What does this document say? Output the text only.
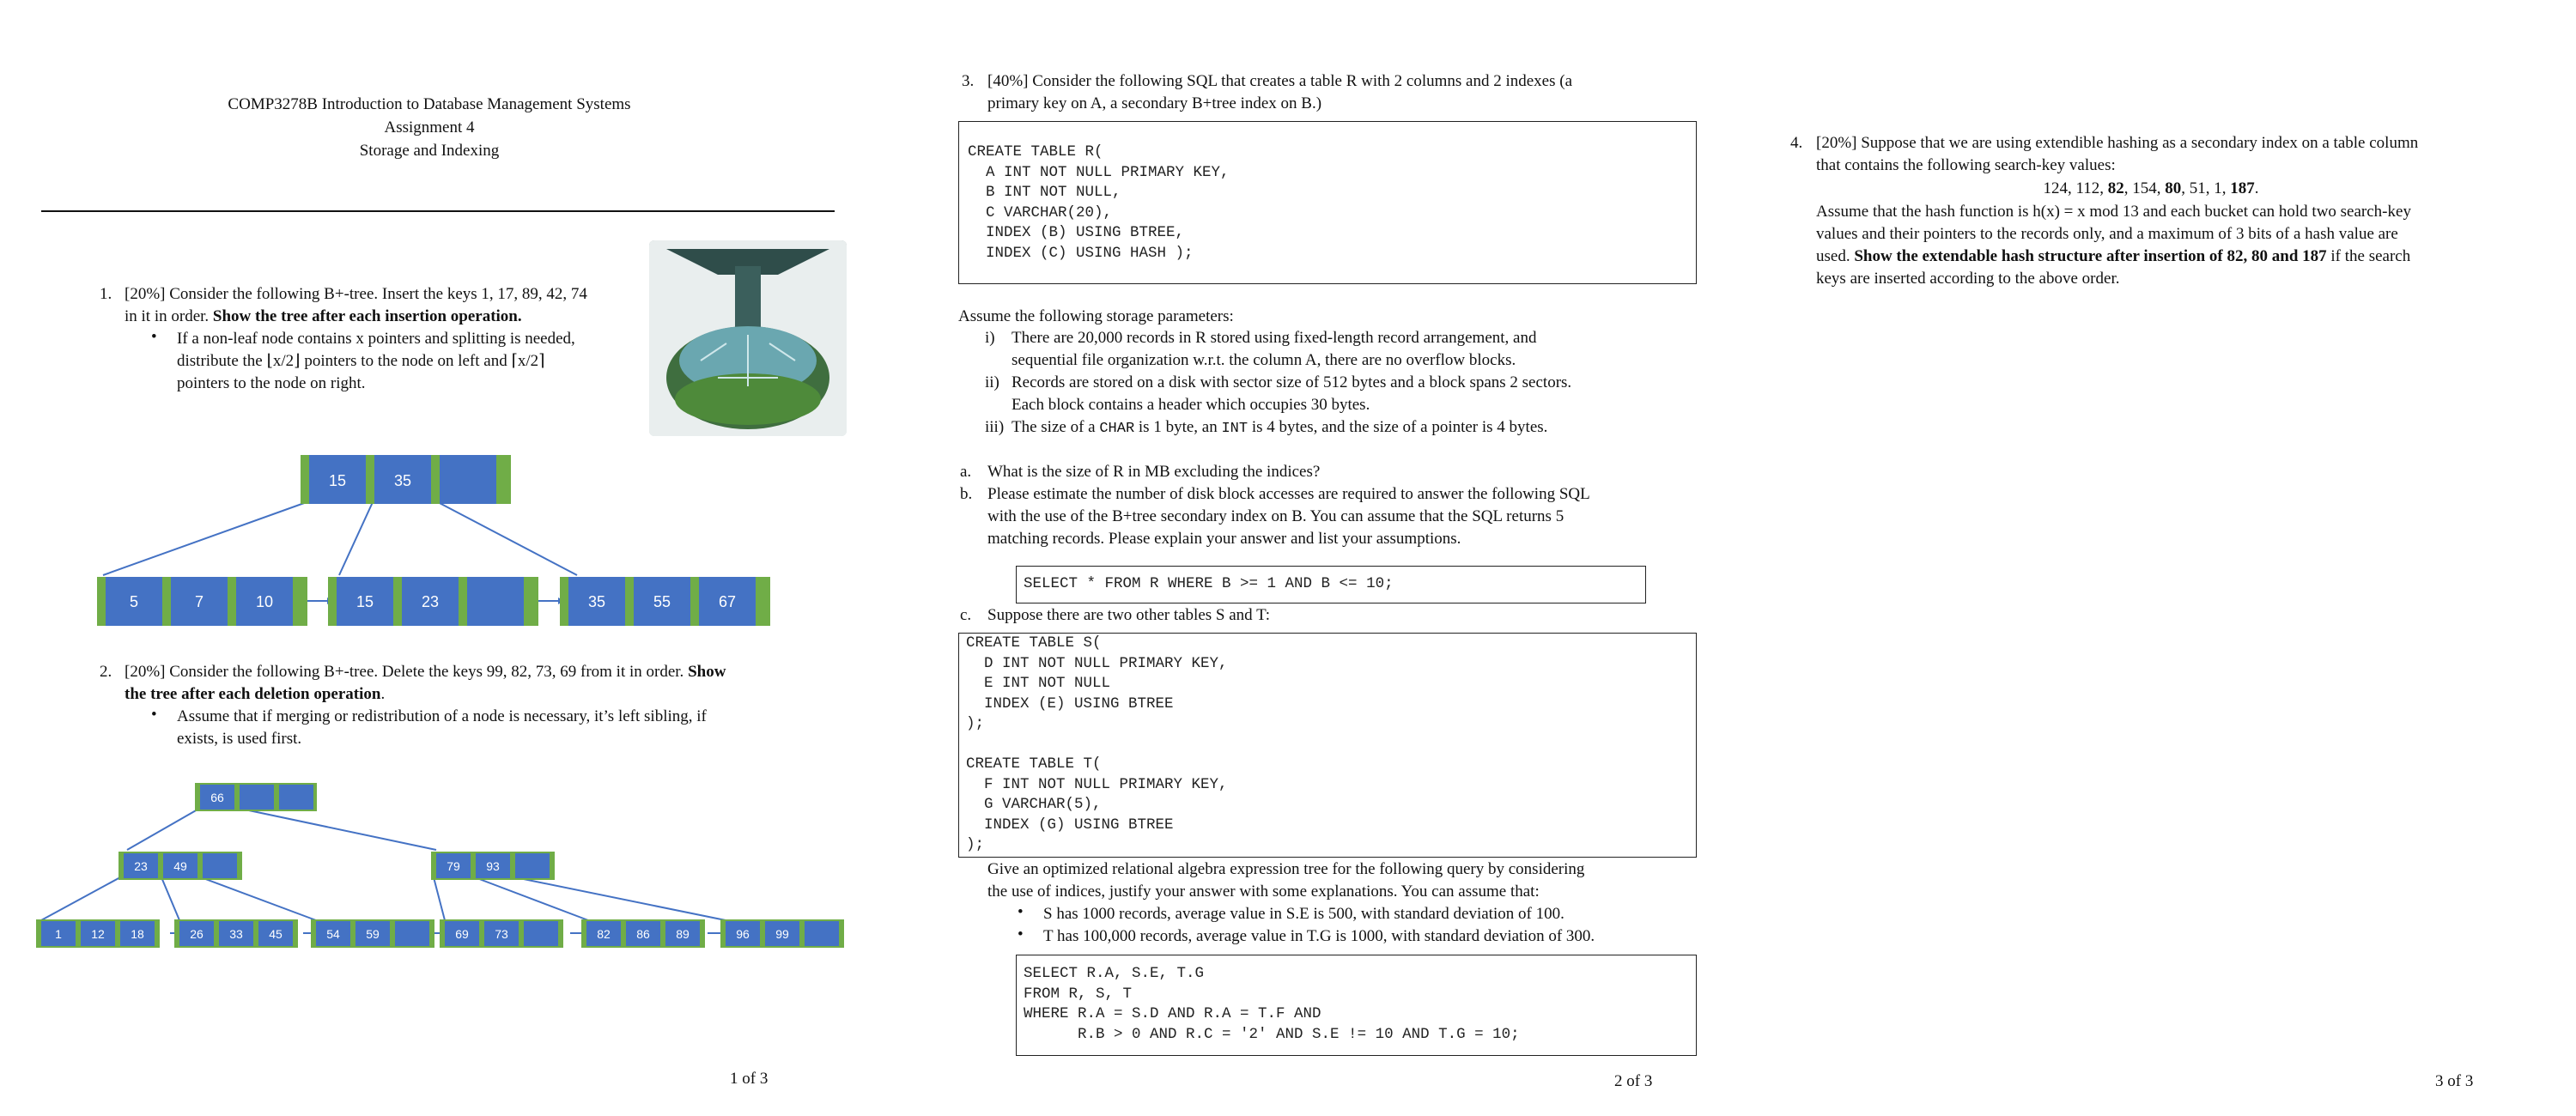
COMP3278B Introduction to Database Management Systems
Assignment 4
Storage and Indexing
1. [20%] Consider the following B+-tree. Insert the keys 1, 17, 89, 42, 74
in it in order. Show the tree after each insertion operation.
• If a non-leaf node contains x pointers and splitting is needed,
distribute the ⌊x/2⌋ pointers to the node on left and ⌈x/2⌉
pointers to the node on right.
15	35
5	7	10	15	23	35	55	67
2. [20%] Consider the following B+-tree. Delete the keys 99, 82, 73, 69 from it in order. Show
the tree after each deletion operation.
• Assume that if merging or redistribution of a node is necessary, it’s left sibling, if
exists, is used first.
66
23 49	79 93
1 12 18	26 33 45	54 59	69 73	82 86 89	96 99
1 of 3
3. [40%] Consider the following SQL that creates a table R with 2 columns and 2 indexes (a
primary key on A, a secondary B+tree index on B.)
CREATE TABLE R(
A INT NOT NULL PRIMARY KEY,
B INT NOT NULL,
C VARCHAR(20),
INDEX (B) USING BTREE,
INDEX (C) USING HASH );
Assume the following storage parameters:
i) There are 20,000 records in R stored using fixed-length record arrangement, and
sequential file organization w.r.t. the column A, there are no overflow blocks.
ii) Records are stored on a disk with sector size of 512 bytes and a block spans 2 sectors.
Each block contains a header which occupies 30 bytes.
iii) The size of a CHAR is 1 byte, an INT is 4 bytes, and the size of a pointer is 4 bytes.
a. What is the size of R in MB excluding the indices?
b. Please estimate the number of disk block accesses are required to answer the following SQL
with the use of the B+tree secondary index on B. You can assume that the SQL returns 5
matching records. Please explain your answer and list your assumptions.
SELECT * FROM R WHERE B >= 1 AND B <= 10;
c. Suppose there are two other tables S and T:
CREATE TABLE S(
D INT NOT NULL PRIMARY KEY,
E INT NOT NULL
INDEX (E) USING BTREE
);
CREATE TABLE T(
F INT NOT NULL PRIMARY KEY,
G VARCHAR(5),
INDEX (G) USING BTREE
);
Give an optimized relational algebra expression tree for the following query by considering
the use of indices, justify your answer with some explanations. You can assume that:
• S has 1000 records, average value in S.E is 500, with standard deviation of 100.
• T has 100,000 records, average value in T.G is 1000, with standard deviation of 300.
SELECT R.A, S.E, T.G
FROM R, S, T
WHERE R.A = S.D AND R.A = T.F AND
R.B > 0 AND R.C = '2' AND S.E != 10 AND T.G = 10;
2 of 3
4. [20%] Suppose that we are using extendible hashing as a secondary index on a table column
that contains the following search-key values:
124, 112, 82, 154, 80, 51, 1, 187.
Assume that the hash function is h(x) = x mod 13 and each bucket can hold two search-key
values and their pointers to the records only, and a maximum of 3 bits of a hash value are
used. Show the extendable hash structure after insertion of 82, 80 and 187 if the search
keys are inserted according to the above order.
3 of 3
